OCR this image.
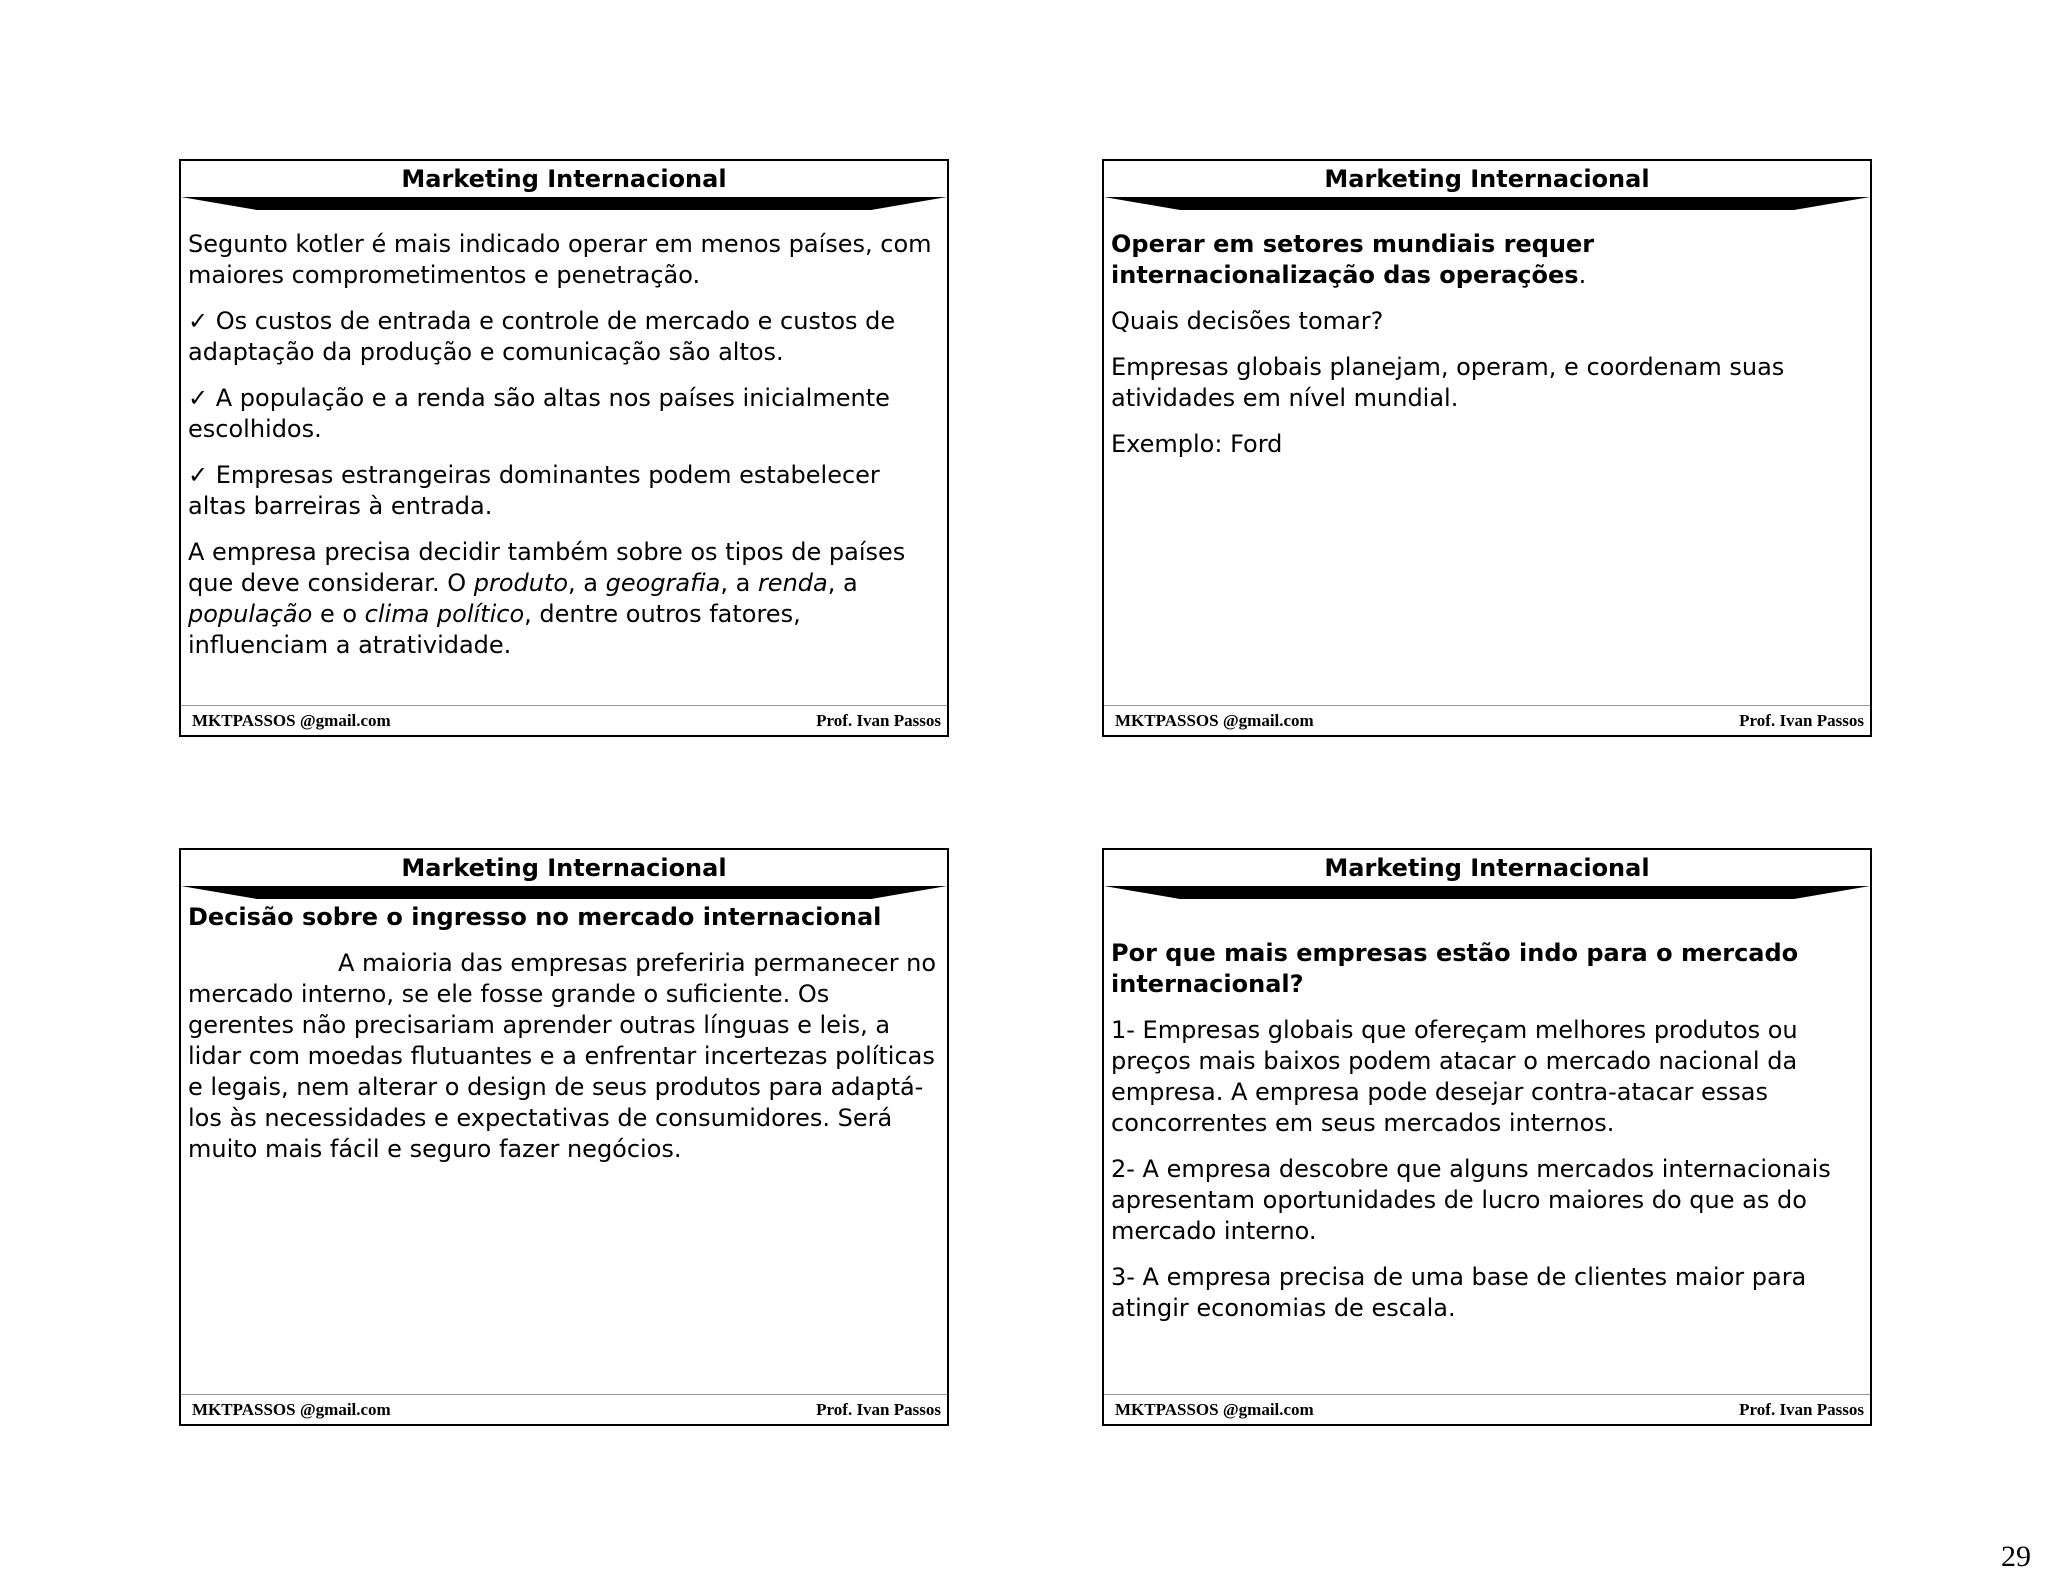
Marketing Internacional

Segunto kotler é mais indicado operar em menos países, com maiores comprometimentos e penetração.

✓ Os custos de entrada e controle de mercado e custos de adaptação da produção e comunicação são altos.

✓ A população e a renda são altas nos países inicialmente escolhidos.

✓ Empresas estrangeiras dominantes podem estabelecer altas barreiras à entrada.

A empresa precisa decidir também sobre os tipos de países que deve considerar. O produto, a geografia, a renda, a população e o clima político, dentre outros fatores, influenciam a atratividade.

MKTPASSOS @gmail.com	Prof. Ivan Passos
Marketing Internacional

Operar em setores mundiais requer internacionalização das operações.

Quais decisões tomar?

Empresas globais planejam, operam, e coordenam suas atividades em nível mundial.

Exemplo: Ford

MKTPASSOS @gmail.com	Prof. Ivan Passos
Marketing Internacional

Decisão sobre o ingresso no mercado internacional

A maioria das empresas preferiria permanecer no mercado interno, se ele fosse grande o suficiente. Os gerentes não precisariam aprender outras línguas e leis, a lidar com moedas flutuantes e a enfrentar incertezas políticas e legais, nem alterar o design de seus produtos para adaptá-los às necessidades e expectativas de consumidores. Será muito mais fácil e seguro fazer negócios.

MKTPASSOS @gmail.com	Prof. Ivan Passos
Marketing Internacional

Por que mais empresas estão indo para o mercado internacional?

1- Empresas globais que ofereçam melhores produtos ou preços mais baixos podem atacar o mercado nacional da empresa. A empresa pode desejar contra-atacar essas concorrentes em seus mercados internos.

2- A empresa descobre que alguns mercados internacionais apresentam oportunidades de lucro maiores do que as do mercado interno.

3- A empresa precisa de uma base de clientes maior para atingir economias de escala.

MKTPASSOS @gmail.com	Prof. Ivan Passos
29
